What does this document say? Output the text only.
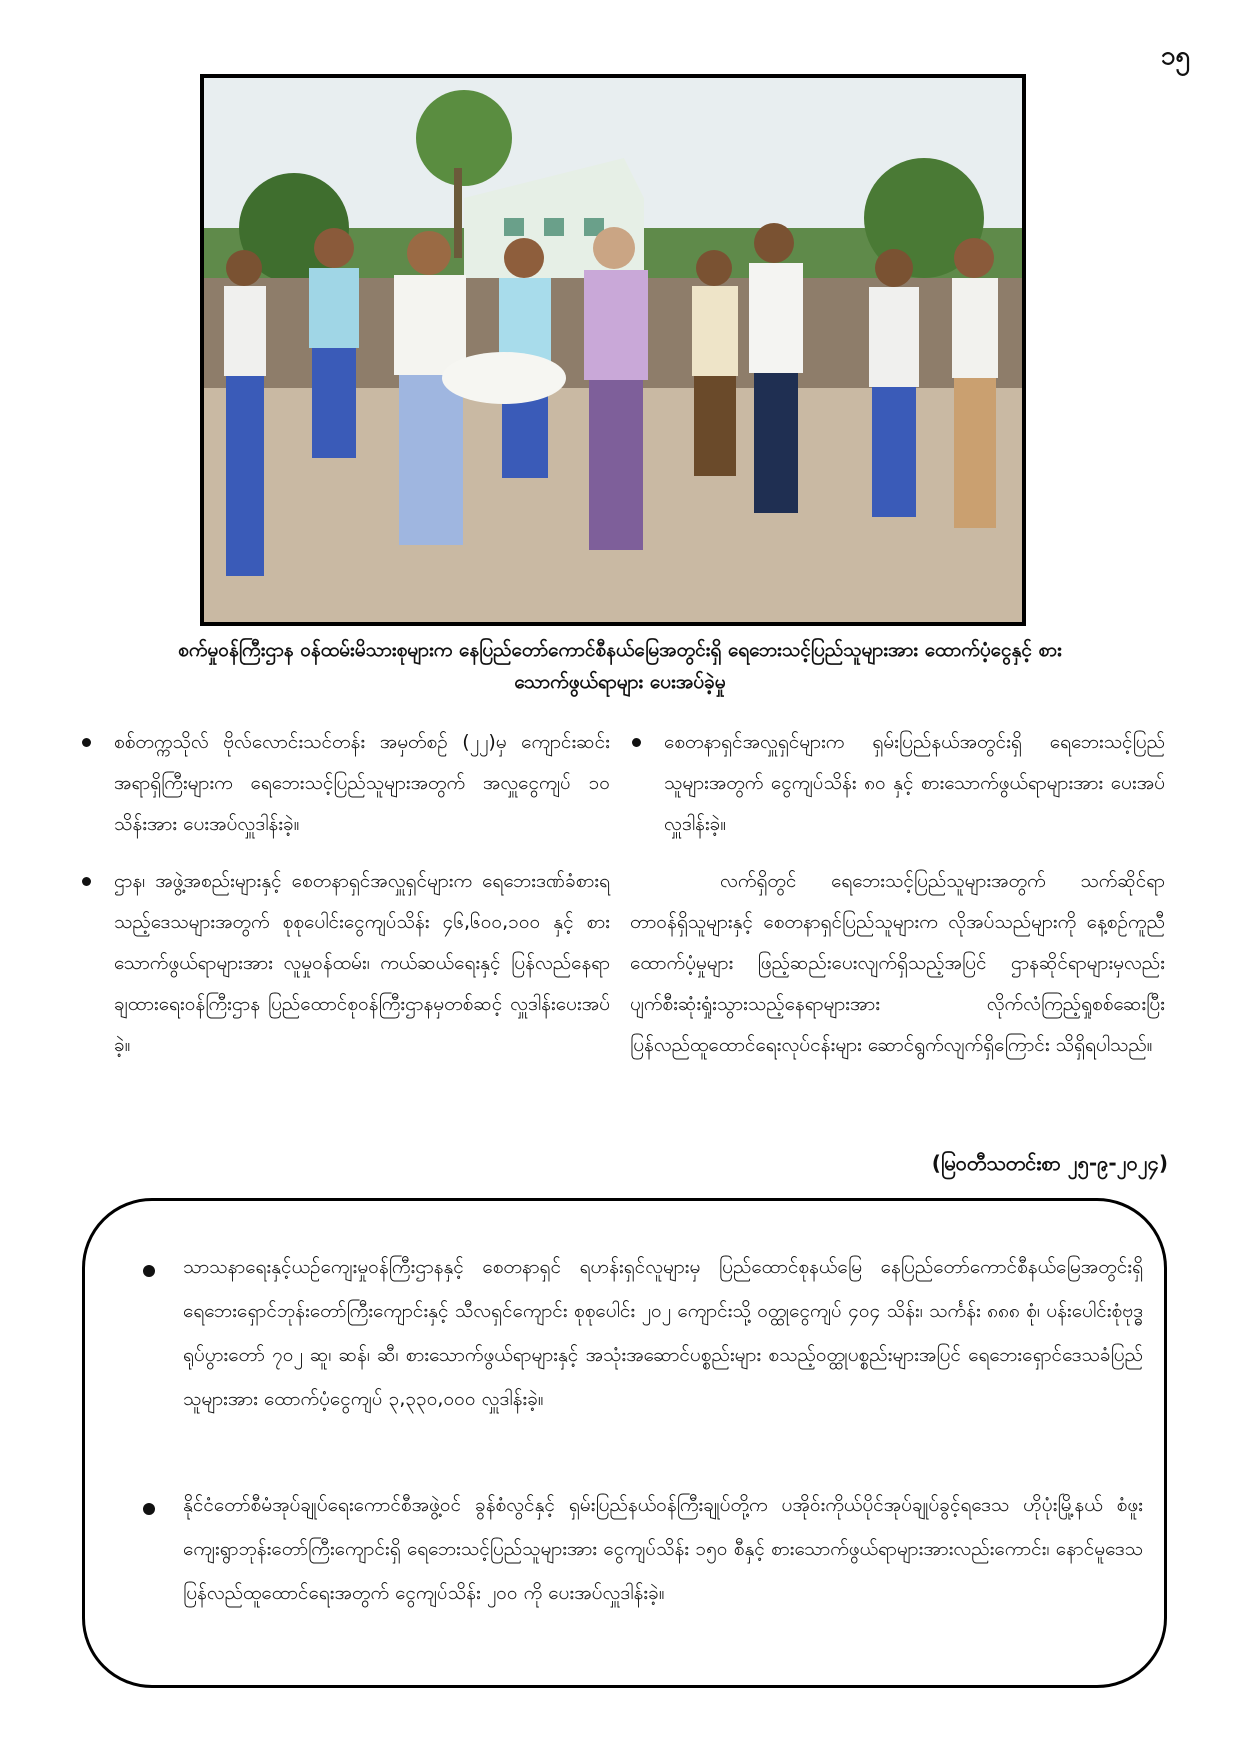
၁၅
စက်မှုဝန်ကြီးဌာန ဝန်ထမ်းမိသားစုများက နေပြည်တော်ကောင်စီနယ်မြေအတွင်းရှိ ရေဘေးသင့်ပြည်သူများအား ထောက်ပံ့ငွေနှင့် စားသောက်ဖွယ်ရာများ ပေးအပ်ခဲ့မှု
စစ်တက္ကသိုလ် ဗိုလ်လောင်းသင်တန်း အမှတ်စဉ် (၂၂)မှ ကျောင်းဆင်းအရာရှိကြီးများက ရေဘေးသင့်ပြည်သူများအတွက် အလှူငွေကျပ် ၁၀ သိန်းအား ပေးအပ်လှူဒါန်းခဲ့။
ဌာန၊ အဖွဲ့အစည်းများနှင့် စေတနာရှင်အလှူရှင်များက ရေဘေးဒဏ်ခံစားရသည့်ဒေသများအတွက် စုစုပေါင်းငွေကျပ်သိန်း ၄၆,၆၀၀,၁၀၀ နှင့် စားသောက်ဖွယ်ရာများအား လူမှုဝန်ထမ်း၊ ကယ်ဆယ်ရေးနှင့် ပြန်လည်နေရာချထားရေးဝန်ကြီးဌာန ပြည်ထောင်စုဝန်ကြီးဌာနမှတစ်ဆင့် လှူဒါန်းပေးအပ်ခဲ့။
စေတနာရှင်အလှူရှင်များက ရှမ်းပြည်နယ်အတွင်းရှိ ရေဘေးသင့်ပြည်သူများအတွက် ငွေကျပ်သိန်း ၈၀ နှင့် စားသောက်ဖွယ်ရာများအား ပေးအပ်လှူဒါန်းခဲ့။

လက်ရှိတွင် ရေဘေးသင့်ပြည်သူများအတွက် သက်ဆိုင်ရာတာဝန်ရှိသူများနှင့် စေတနာရှင်ပြည်သူများက လိုအပ်သည်များကို နေ့စဉ်ကူညီထောက်ပံ့မှုများ ဖြည့်ဆည်းပေးလျက်ရှိသည့်အပြင် ဌာနဆိုင်ရာများမှလည်း ပျက်စီးဆုံးရှုံးသွားသည့်နေရာများအား လိုက်လံကြည့်ရှုစစ်ဆေးပြီး ပြန်လည်ထူထောင်ရေးလုပ်ငန်းများ ဆောင်ရွက်လျက်ရှိကြောင်း သိရှိရပါသည်။

(မြဝတီသတင်းစာ ၂၅-၉-၂၀၂၄)
သာသနာရေးနှင့်ယဉ်ကျေးမှုဝန်ကြီးဌာနနှင့် စေတနာရှင် ရဟန်းရှင်လူများမှ ပြည်ထောင်စုနယ်မြေ နေပြည်တော်ကောင်စီနယ်မြေအတွင်းရှိ ရေဘေးရှောင်ဘုန်းတော်ကြီးကျောင်းနှင့် သီလရှင်ကျောင်း စုစုပေါင်း ၂၀၂ ကျောင်းသို့ ဝတ္ထုငွေကျပ် ၄၀၄ သိန်း၊ သင်္ကန်း ၈၈၈ စုံ၊ ပန်းပေါင်းစုံဗုဒ္ဓရုပ်ပွားတော် ၇၀၂ ဆူ၊ ဆန်၊ ဆီ၊ စားသောက်ဖွယ်ရာများနှင့် အသုံးအဆောင်ပစ္စည်းများ စသည့်ဝတ္ထုပစ္စည်းများအပြင် ရေဘေးရှောင်ဒေသခံပြည်သူများအား ထောက်ပံ့ငွေကျပ် ၃,၃၃၀,၀၀၀ လှူဒါန်းခဲ့။
နိုင်ငံတော်စီမံအုပ်ချုပ်ရေးကောင်စီအဖွဲ့ဝင် ခွန်စံလွင်နှင့် ရှမ်းပြည်နယ်ဝန်ကြီးချုပ်တို့က ပအိုဝ်းကိုယ်ပိုင်အုပ်ချုပ်ခွင့်ရဒေသ ဟိုပုံးမြို့နယ် စံဖူးကျေးရွာဘုန်းတော်ကြီးကျောင်းရှိ ရေဘေးသင့်ပြည်သူများအား ငွေကျပ်သိန်း ၁၅၀ စီနှင့် စားသောက်ဖွယ်ရာများအားလည်းကောင်း၊ နောင်မူဒေသပြန်လည်ထူထောင်ရေးအတွက် ငွေကျပ်သိန်း ၂၀၀ ကို ပေးအပ်လှူဒါန်းခဲ့။
